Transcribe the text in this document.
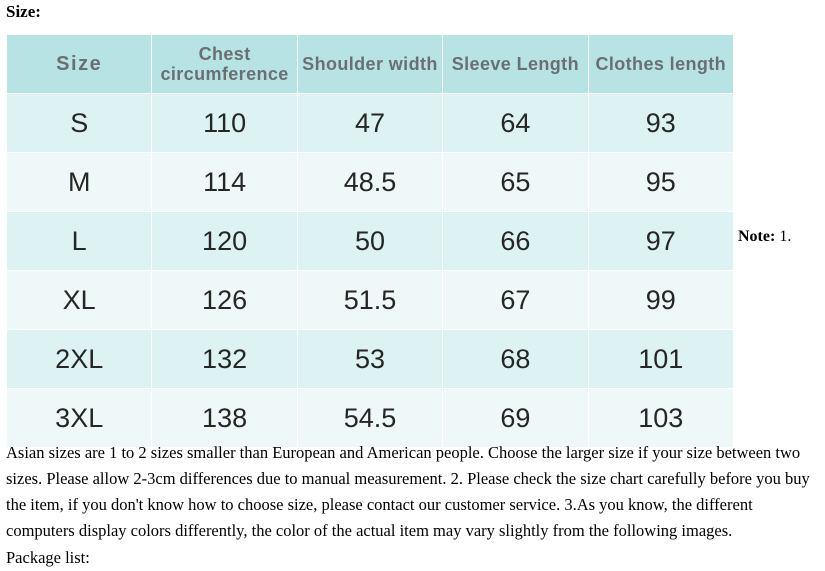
Size:
Size	Chest circumference	Shoulder width	Sleeve Length	Clothes length
S	110	47	64	93
M	114	48.5	65	95
L	120	50	66	97
XL	126	51.5	67	99
2XL	132	53	68	101
3XL	138	54.5	69	103
Note: 1.
Asian sizes are 1 to 2 sizes smaller than European and American people. Choose the larger size if your size between two sizes. Please allow 2-3cm differences due to manual measurement. 2. Please check the size chart carefully before you buy the item, if you don't know how to choose size, please contact our customer service. 3.As you know, the different computers display colors differently, the color of the actual item may vary slightly from the following images.
Package list:
